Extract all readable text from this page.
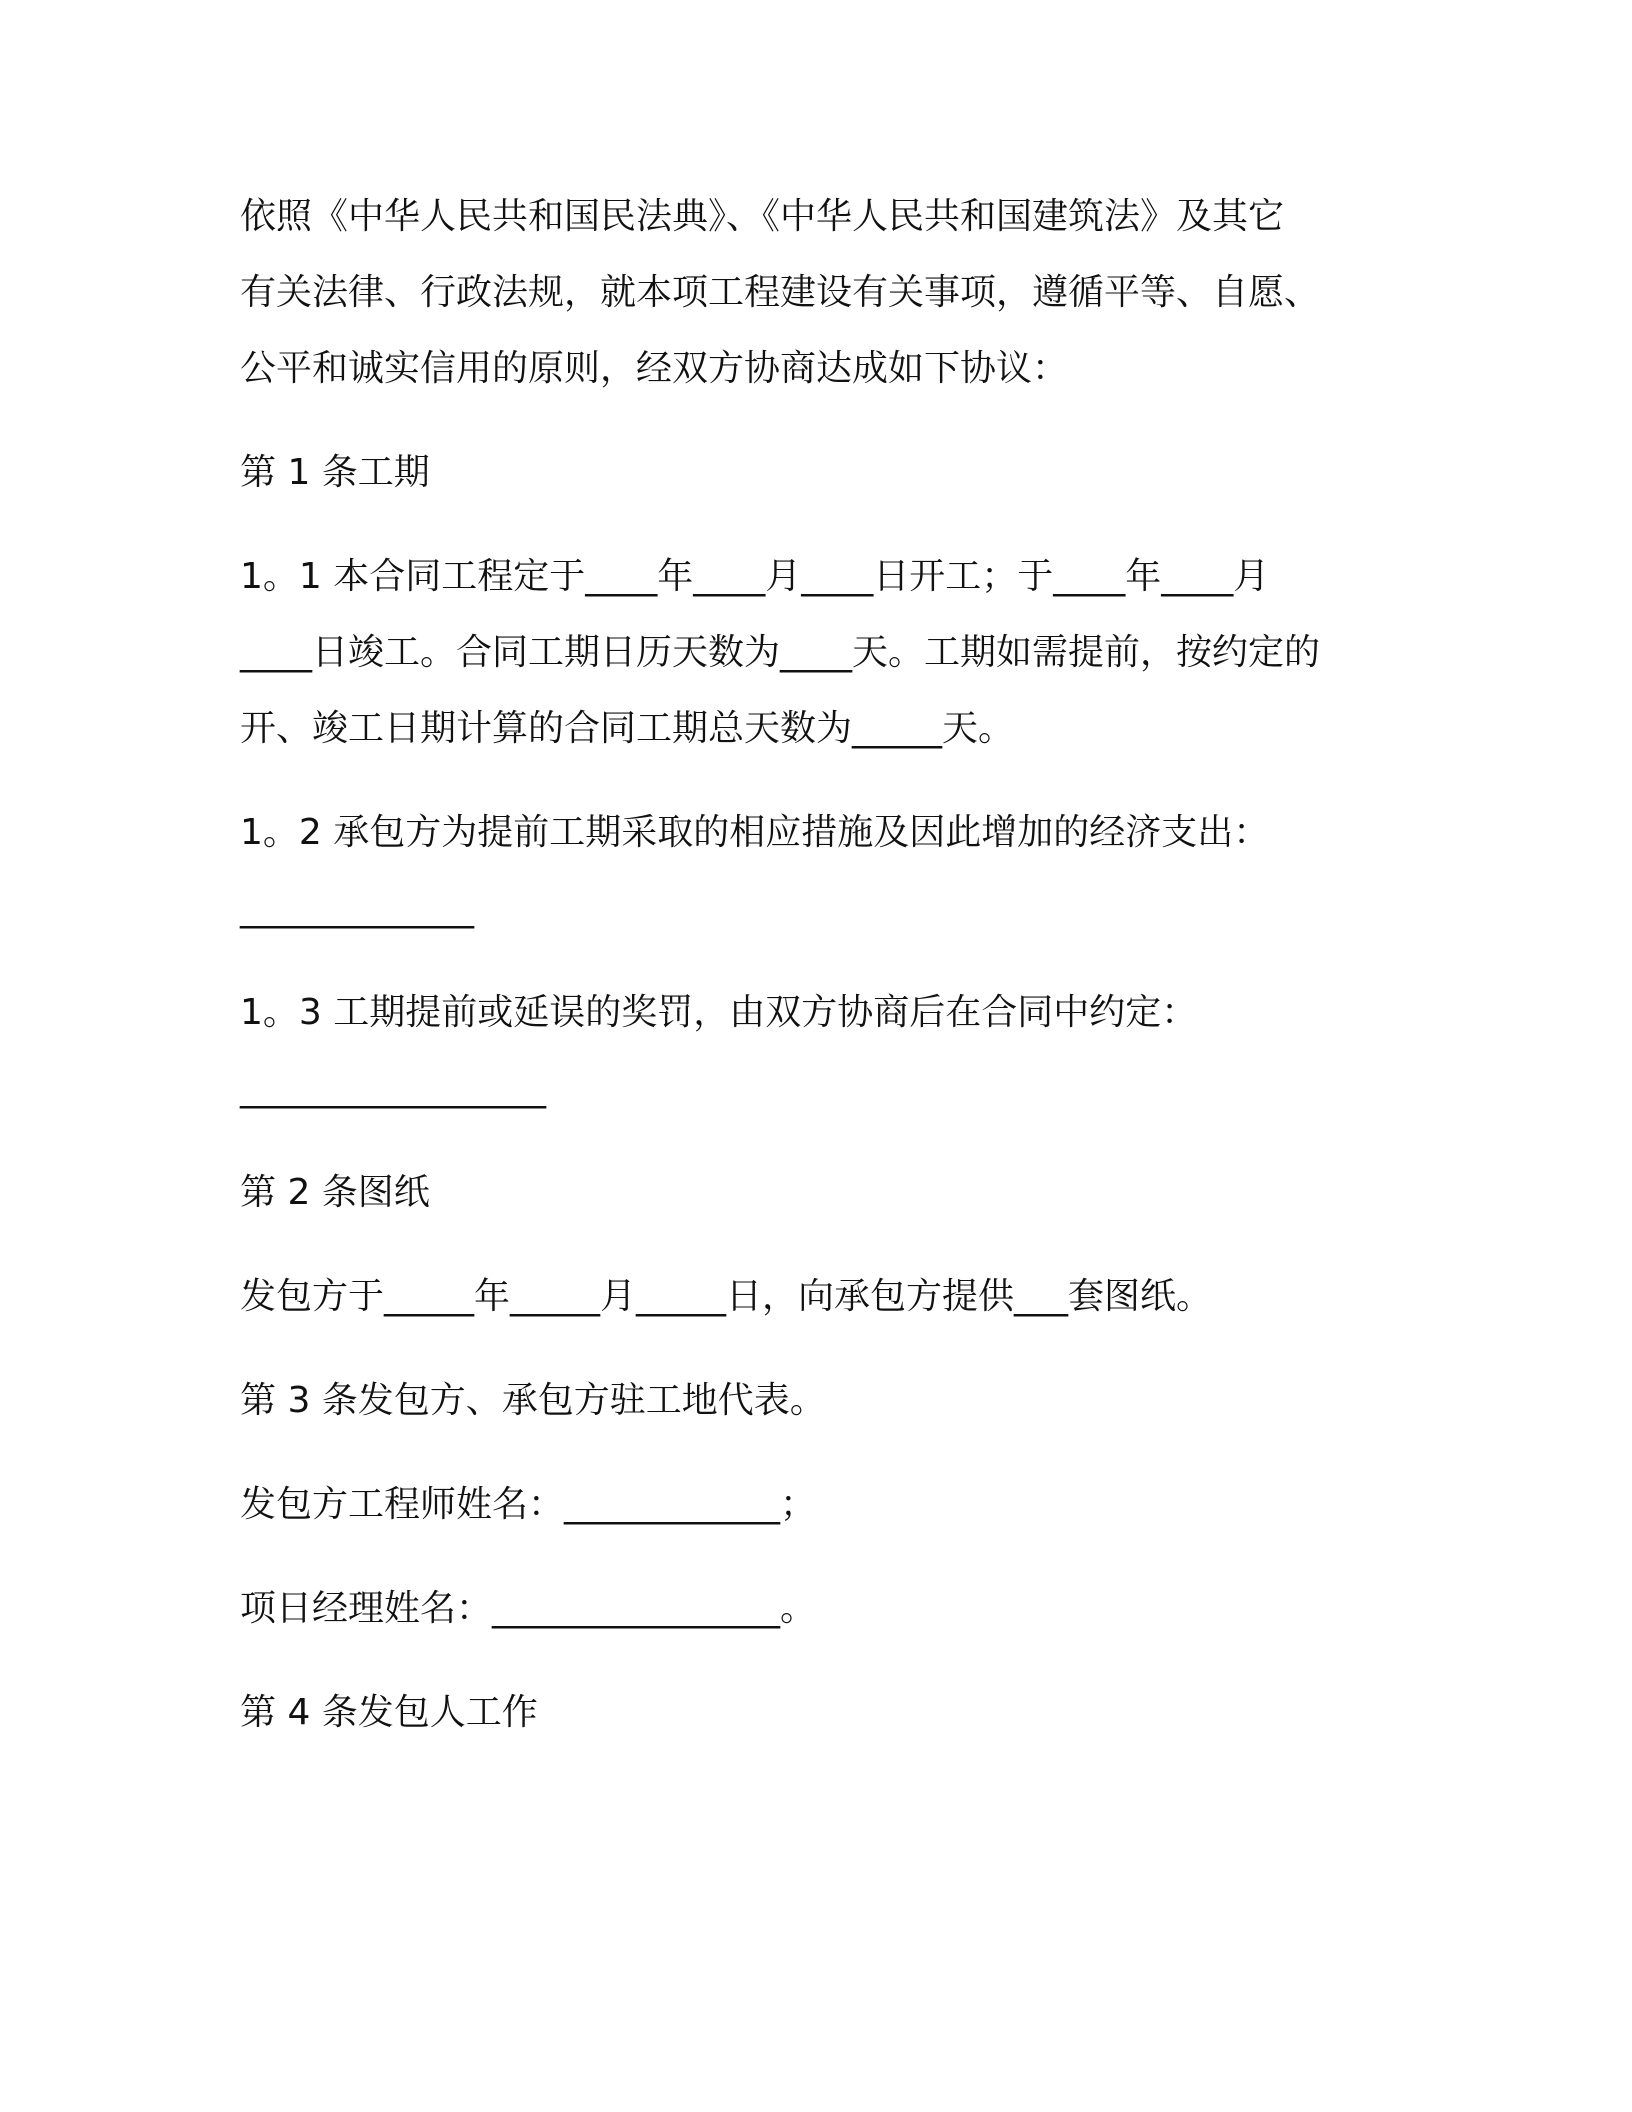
依照《中华人民共和国民法典》、《中华人民共和国建筑法》及其它
有关法律、行政法规，就本项工程建设有关事项，遵循平等、自愿、
公平和诚实信用的原则，经双方协商达成如下协议：
第 1 条工期
1。1 本合同工程定于____年____月____日开工；于____年____月
____日竣工。合同工期日历天数为____天。工期如需提前，按约定的
开、竣工日期计算的合同工期总天数为_____天。
1。2 承包方为提前工期采取的相应措施及因此增加的经济支出：
_____________
1。3 工期提前或延误的奖罚，由双方协商后在合同中约定：
_________________
第 2 条图纸
发包方于_____年_____月_____日，向承包方提供___套图纸。
第 3 条发包方、承包方驻工地代表。
发包方工程师姓名：____________；
项日经理姓名：________________。
第 4 条发包人工作
